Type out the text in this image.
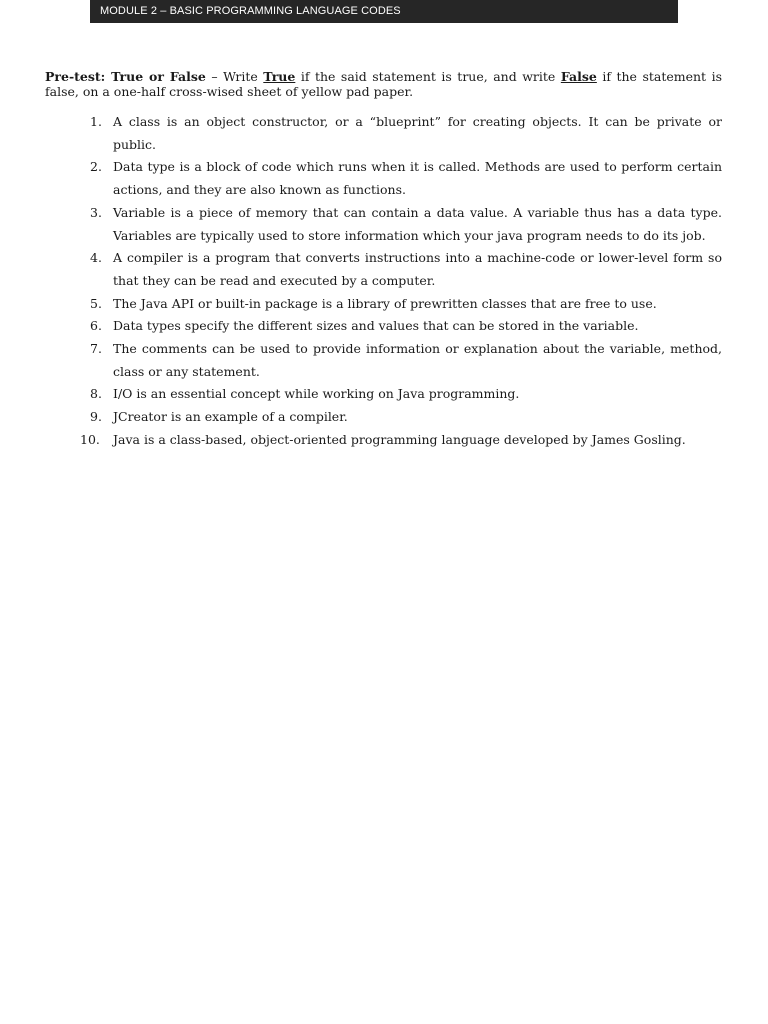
MODULE 2 – BASIC PROGRAMMING LANGUAGE CODES
Pre-test: True or False – Write True if the said statement is true, and write False if the statement is false, on a one-half cross-wised sheet of yellow pad paper.
1. A class is an object constructor, or a “blueprint” for creating objects. It can be private or public.
2. Data type is a block of code which runs when it is called. Methods are used to perform certain actions, and they are also known as functions.
3. Variable is a piece of memory that can contain a data value. A variable thus has a data type. Variables are typically used to store information which your java program needs to do its job.
4. A compiler is a program that converts instructions into a machine-code or lower-level form so that they can be read and executed by a computer.
5. The Java API or built-in package is a library of prewritten classes that are free to use.
6. Data types specify the different sizes and values that can be stored in the variable.
7. The comments can be used to provide information or explanation about the variable, method, class or any statement.
8. I/O is an essential concept while working on Java programming.
9. JCreator is an example of a compiler.
10.	Java is a class-based, object-oriented programming language developed by James Gosling.
